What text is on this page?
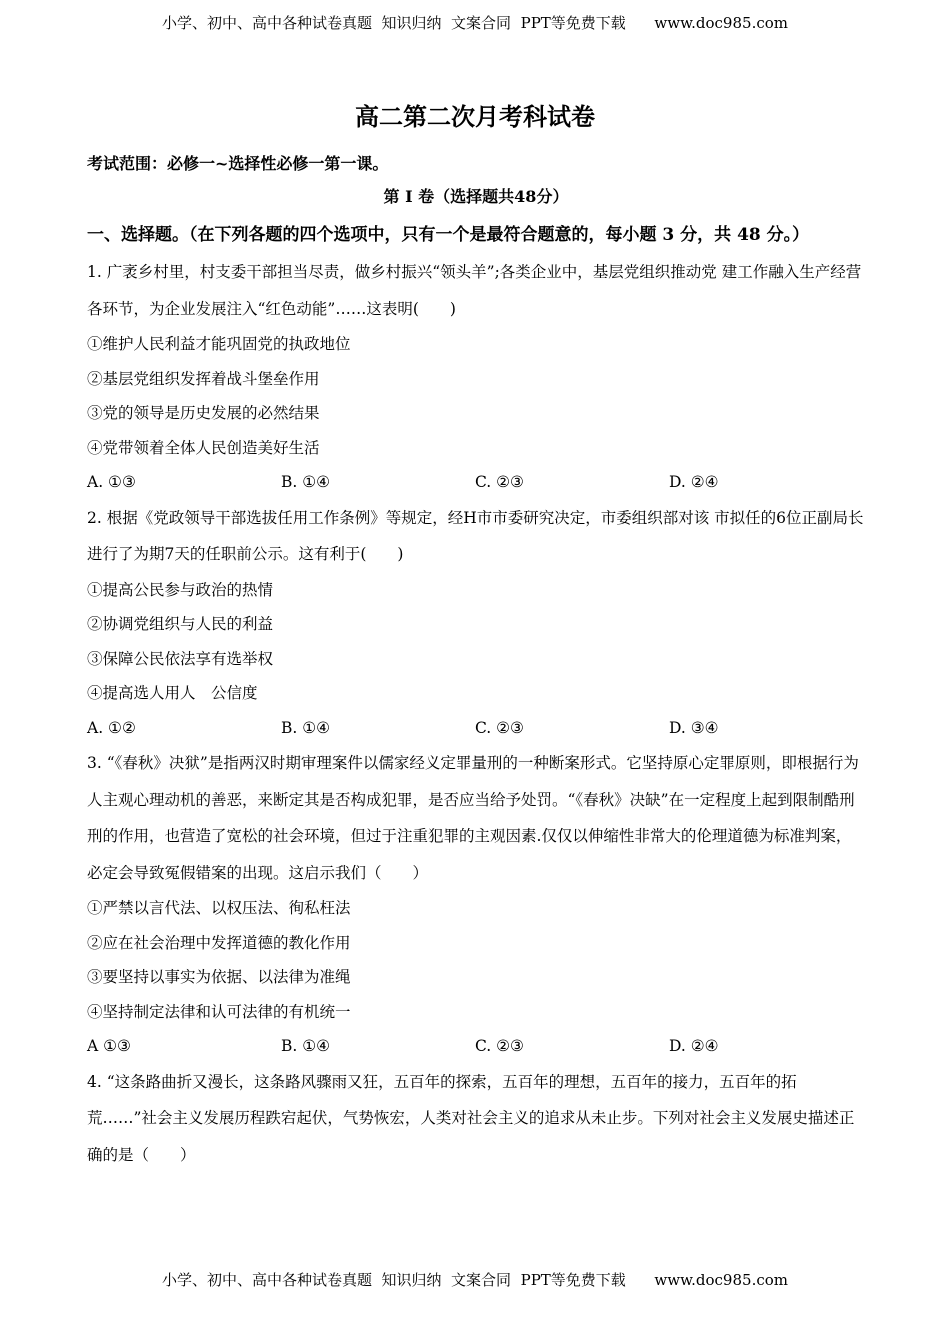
小学、初中、高中各种试卷真题  知识归纳  文案合同  PPT等免费下载      www.doc985.com
高二第二次月考科试卷
考试范围：必修一~选择性必修一第一课。
第 I 卷（选择题共48分）
一、选择题。（在下列各题的四个选项中，只有一个是最符合题意的，每小题 3 分，共 48 分。）
1. 广袤乡村里，村支委干部担当尽责，做乡村振兴“领头羊”;各类企业中，基层党组织推动党 建工作融入生产经营各环节，为企业发展注入“红色动能”……这表明(　　)
①维护人民利益才能巩固党的执政地位
②基层党组织发挥着战斗堡垒作用
③党的领导是历史发展的必然结果
④党带领着全体人民创造美好生活
A. ①③	B. ①④	C. ②③	D. ②④
2. 根据《党政领导干部选拔任用工作条例》等规定，经H市市委研究决定，市委组织部对该 市拟任的6位正副局长进行了为期7天的任职前公示。这有利于(　　)
①提高公民参与政治的热情
②协调党组织与人民的利益
③保障公民依法享有选举权
④提高选人用人　公信度
A. ①②	B. ①④	C. ②③	D. ③④
3. “《春秋》决狱”是指两汉时期审理案件以儒家经义定罪量刑的一种断案形式。它坚持原心定罪原则，即根据行为人主观心理动机的善恶，来断定其是否构成犯罪，是否应当给予处罚。“《春秋》决缺”在一定程度上起到限制酷刑刑的作用，也营造了宽松的社会环境，但过于注重犯罪的主观因素.仅仅以伸缩性非常大的伦理道德为标准判案，必定会导致冤假错案的出现。这启示我们（　　）
①严禁以言代法、以权压法、徇私枉法
②应在社会治理中发挥道德的教化作用
③要坚持以事实为依据、以法律为准绳
④坚持制定法律和认可法律的有机统一
A ①③	B. ①④	C. ②③	D. ②④
4. “这条路曲折又漫长，这条路风骤雨又狂，五百年的探索，五百年的理想，五百年的接力，五百年的拓荒……”社会主义发展历程跌宕起伏，气势恢宏，人类对社会主义的追求从未止步。下列对社会主义发展史描述正确的是（　　）
小学、初中、高中各种试卷真题  知识归纳  文案合同  PPT等免费下载      www.doc985.com
